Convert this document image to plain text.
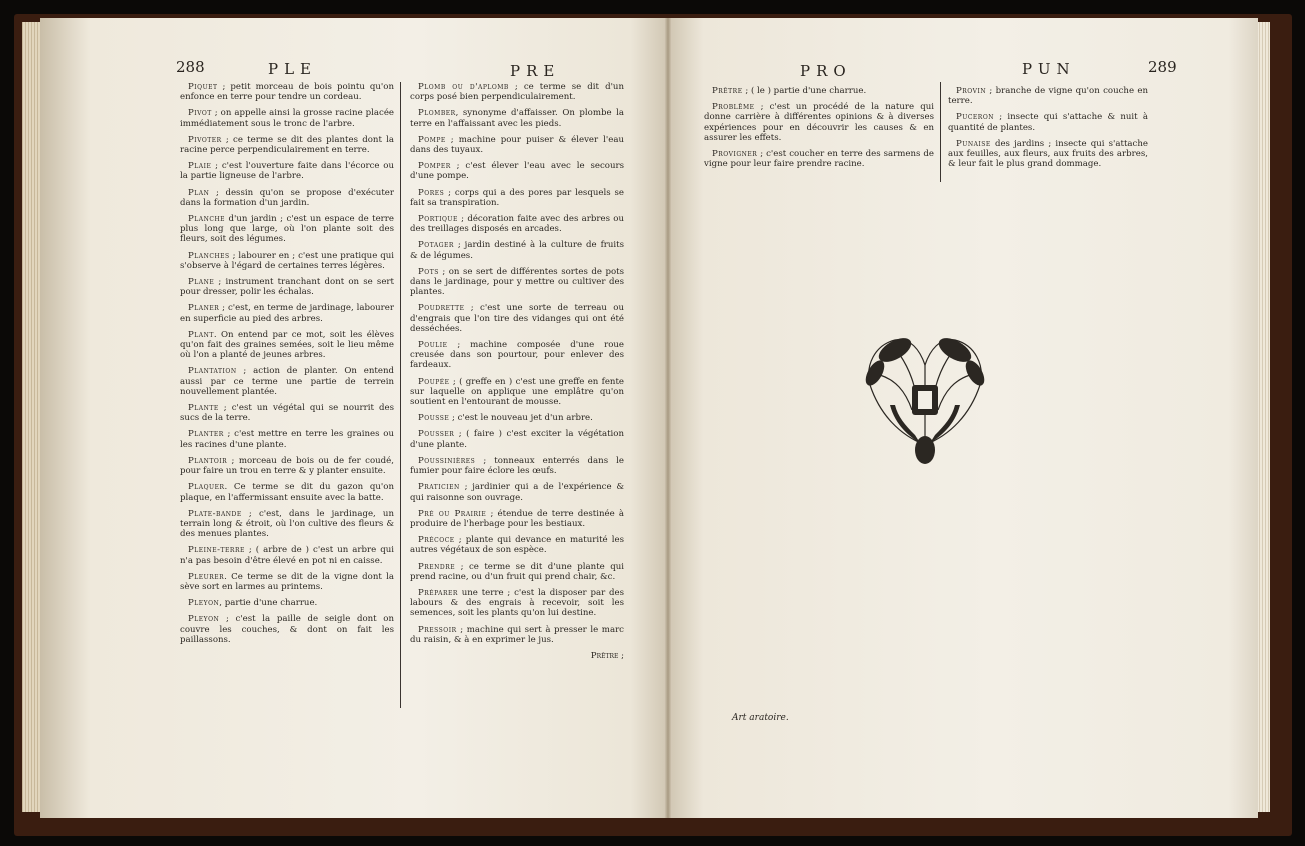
288	PLE	PRE	PRO	PUN	289

Piquet ; petit morceau de bois pointu qu'on enfonce en terre pour tendre un cordeau.

Pivot ; on appelle ainsi la grosse racine placée immédiatement sous le tronc de l'arbre.

Pivoter ; ce terme se dit des plantes dont la racine perce perpendiculairement en terre.

Plaie ; c'est l'ouverture faite dans l'écorce ou la partie ligneuse de l'arbre.

Plan ; dessin qu'on se propose d'exécuter dans la formation d'un jardin.

Planche d'un jardin ; c'est un espace de terre plus long que large, où l'on plante soit des fleurs, soit des légumes.

Planches ; labourer en ; c'est une pratique qui s'observe à l'égard de certaines terres légères.

Plane ; instrument tranchant dont on se sert pour dresser, polir les échalas.

Planer ; c'est, en terme de jardinage, labourer en superficie au pied des arbres.

Plant. On entend par ce mot, soit les élèves qu'on fait des graines semées, soit le lieu même où l'on a planté de jeunes arbres.

Plantation ; action de planter. On entend aussi par ce terme une partie de terrein nouvellement plantée.

Plante ; c'est un végétal qui se nourrit des sucs de la terre.

Planter ; c'est mettre en terre les graines ou les racines d'une plante.

Plantoir ; morceau de bois ou de fer coudé, pour faire un trou en terre & y planter ensuite.

Plaquer. Ce terme se dit du gazon qu'on plaque, en l'affermissant ensuite avec la batte.

Plate-bande ; c'est, dans le jardinage, un terrain long & étroit, où l'on cultive des fleurs & des menues plantes.

Pleine-terre ; ( arbre de ) c'est un arbre qui n'a pas besoin d'être élevé en pot ni en caisse.

Pleurer. Ce terme se dit de la vigne dont la sève sort en larmes au printems.

Pleyon, partie d'une charrue.

Pleyon ; c'est la paille de seigle dont on couvre les couches, & dont on fait les paillassons.

Plomb ou d'aplomb ; ce terme se dit d'un corps posé bien perpendiculairement.

Plomber, synonyme d'affaisser. On plombe la terre en l'affaissant avec les pieds.

Pompe ; machine pour puiser & élever l'eau dans des tuyaux.

Pomper ; c'est élever l'eau avec le secours d'une pompe.

Pores ; corps qui a des pores par lesquels se fait sa transpiration.

Portique ; décoration faite avec des arbres ou des treillages disposés en arcades.

Potager ; jardin destiné à la culture de fruits & de légumes.

Pots ; on se sert de différentes sortes de pots dans le jardinage, pour y mettre ou cultiver des plantes.

Poudrette ; c'est une sorte de terreau ou d'engrais que l'on tire des vidanges qui ont été desséchées.

Poulie ; machine composée d'une roue creusée dans son pourtour, pour enlever des fardeaux.

Poupée ; ( greffe en ) c'est une greffe en fente sur laquelle on applique une emplâtre qu'on soutient en l'entourant de mousse.

Pousse ; c'est le nouveau jet d'un arbre.

Pousser ; ( faire ) c'est exciter la végétation d'une plante.

Poussinières ; tonneaux enterrés dans le fumier pour faire éclore les œufs.

Praticien ; jardinier qui a de l'expérience & qui raisonne son ouvrage.

Pré ou Prairie ; étendue de terre destinée à produire de l'herbage pour les bestiaux.

Précoce ; plante qui devance en maturité les autres végétaux de son espèce.

Prendre ; ce terme se dit d'une plante qui prend racine, ou d'un fruit qui prend chair, &c.

Préparer une terre ; c'est la disposer par des labours & des engrais à recevoir, soit les semences, soit les plants qu'on lui destine.

Pressoir ; machine qui sert à presser le marc du raisin, & à en exprimer le jus.

Prêtre ;

Prêtre ; ( le ) partie d'une charrue.

Problême ; c'est un procédé de la nature qui donne carrière à différentes opinions & à diverses expériences pour en découvrir les causes & en assurer les effets.

Provigner ; c'est coucher en terre des sarmens de vigne pour leur faire prendre racine.

Provin ; branche de vigne qu'on couche en terre.

Puceron ; insecte qui s'attache & nuit à quantité de plantes.

Punaise des jardins ; insecte qui s'attache aux feuilles, aux fleurs, aux fruits des arbres, & leur fait le plus grand dommage.

Art aratoire.
